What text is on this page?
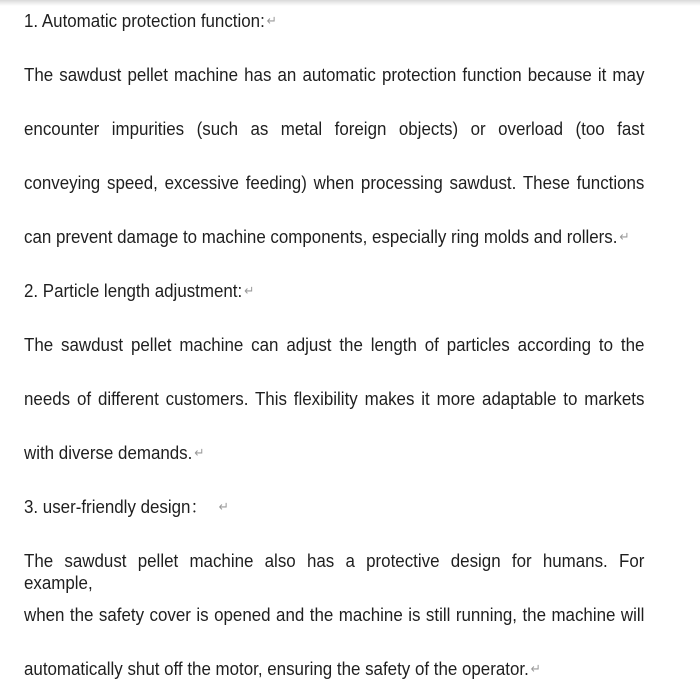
1. Automatic protection function: ↵
The sawdust pellet machine has an automatic protection function because it may
encounter impurities (such as metal foreign objects) or overload (too fast
conveying speed, excessive feeding) when processing sawdust. These functions
can prevent damage to machine components, especially ring molds and rollers. ↵
2. Particle length adjustment: ↵
The sawdust pellet machine can adjust the length of particles according to the
needs of different customers. This flexibility makes it more adaptable to markets
with diverse demands. ↵
3. user-friendly design： ↵
The sawdust pellet machine also has a protective design for humans. For example,
when the safety cover is opened and the machine is still running, the machine will
automatically shut off the motor, ensuring the safety of the operator. ↵
